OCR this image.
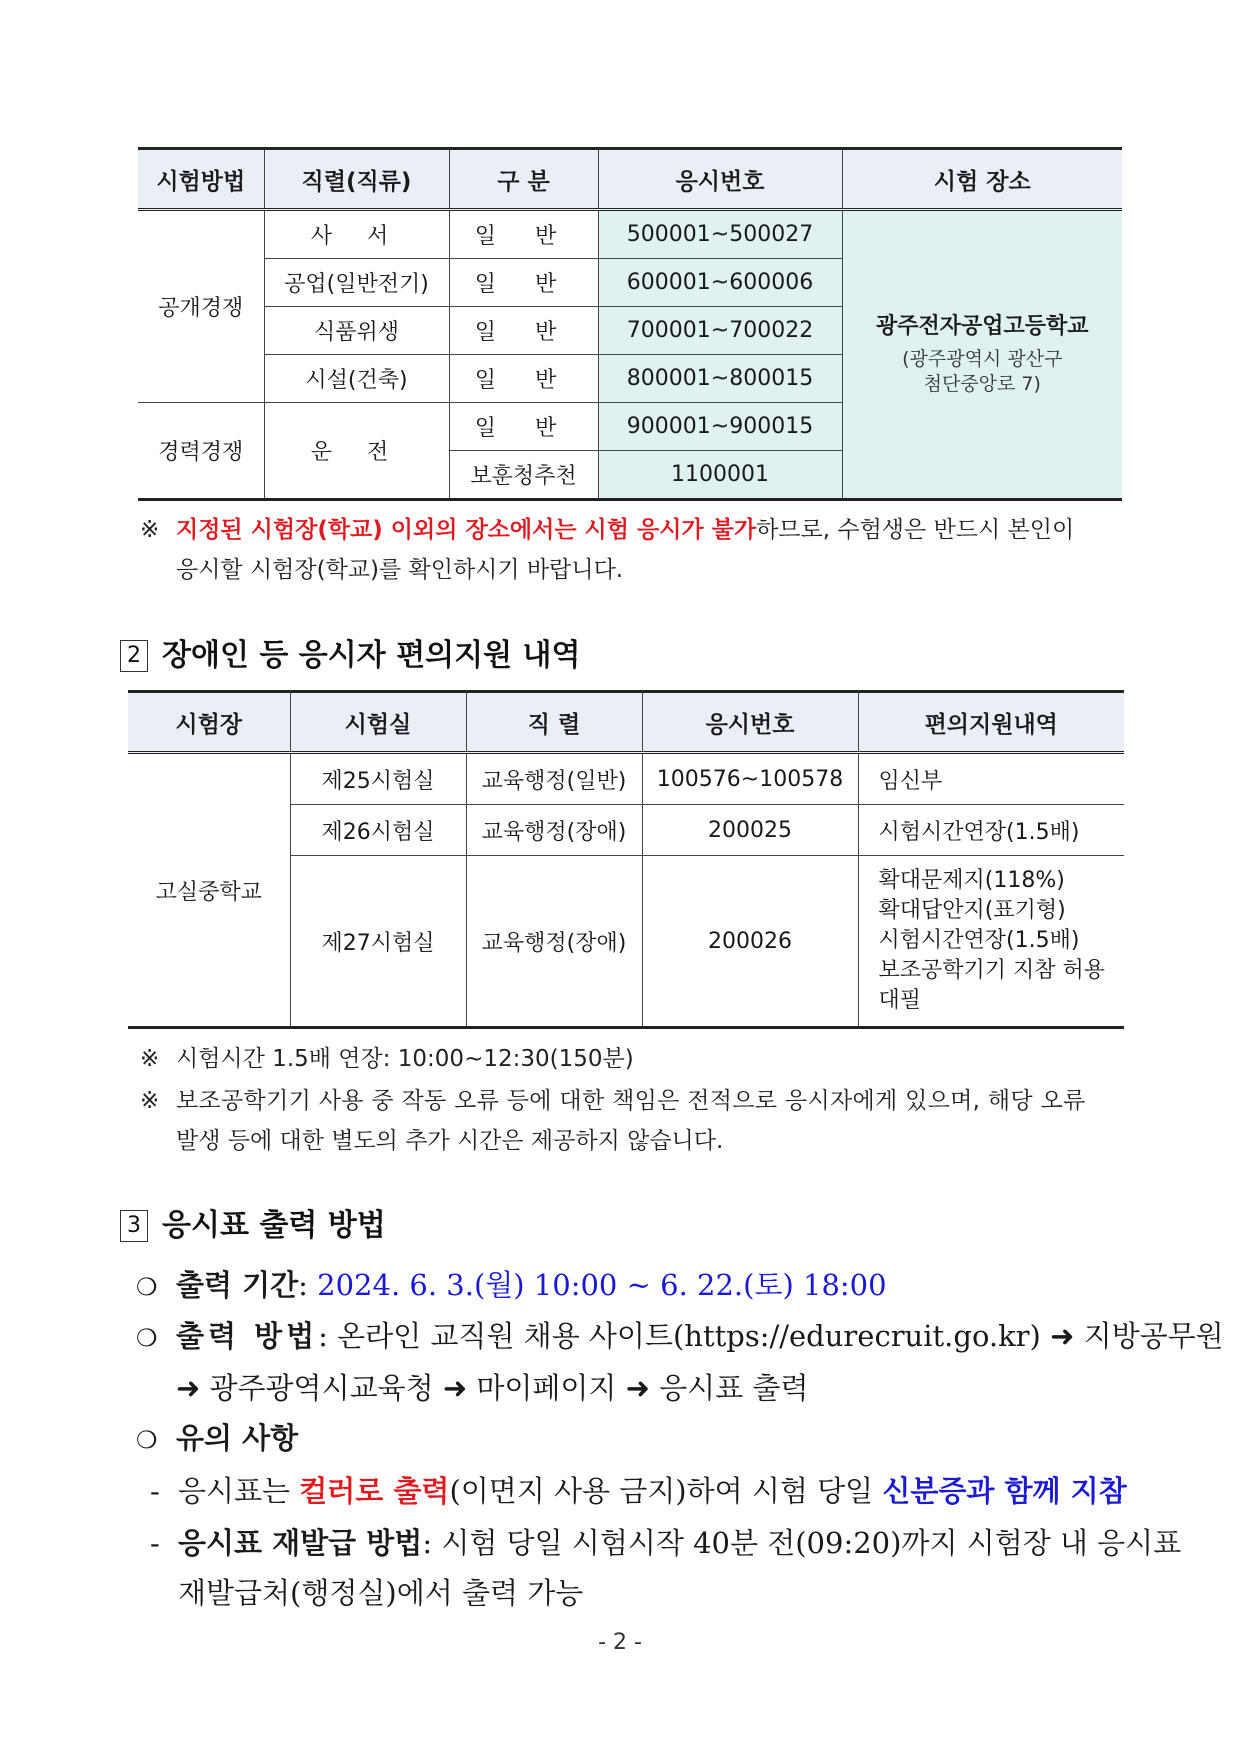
시험방법	직렬(직류)	구 분	응시번호	시험 장소
공개경쟁	사 서	일 반	500001~500027	광주전자공업고등학교
(광주광역시 광산구
첨단중앙로 7)

	공업(일반전기)	일 반	600001~600006	
	식품위생	일 반	700001~700022	
	시설(건축)	일 반	800001~800015	
경력경쟁	운 전	일 반	900001~900015	
		보훈청추천	1100001	
※ 지정된 시험장(학교) 이외의 장소에서는 시험 응시가 불가하므로, 수험생은 반드시 본인이
응시할 시험장(학교)를 확인하시기 바랍니다.
2 장애인 등 응시자 편의지원 내역
시험장	시험실	직 렬	응시번호	편의지원내역
고실중학교	제25시험실	교육행정(일반)	100576~100578	임신부
	제26시험실	교육행정(장애)	200025	시험시간연장(1.5배)
	제27시험실	교육행정(장애)	200026	확대문제지(118%)
확대답안지(표기형)
시험시간연장(1.5배)
보조공학기기 지참 허용
대필
※ 시험시간 1.5배 연장: 10:00~12:30(150분)
※ 보조공학기기 사용 중 작동 오류 등에 대한 책임은 전적으로 응시자에게 있으며, 해당 오류
발생 등에 대한 별도의 추가 시간은 제공하지 않습니다.
3 응시표 출력 방법
❍ 출력 기간: 2024. 6. 3.(월) 10:00 ~ 6. 22.(토) 18:00
❍ 출력 방법: 온라인 교직원 채용 사이트(https://edurecruit.go.kr) ➜ 지방공무원
➜ 광주광역시교육청 ➜ 마이페이지 ➜ 응시표 출력
❍ 유의 사항
- 응시표는 컬러로 출력(이면지 사용 금지)하여 시험 당일 신분증과 함께 지참
- 응시표 재발급 방법: 시험 당일 시험시작 40분 전(09:20)까지 시험장 내 응시표
재발급처(행정실)에서 출력 가능
- 2 -
